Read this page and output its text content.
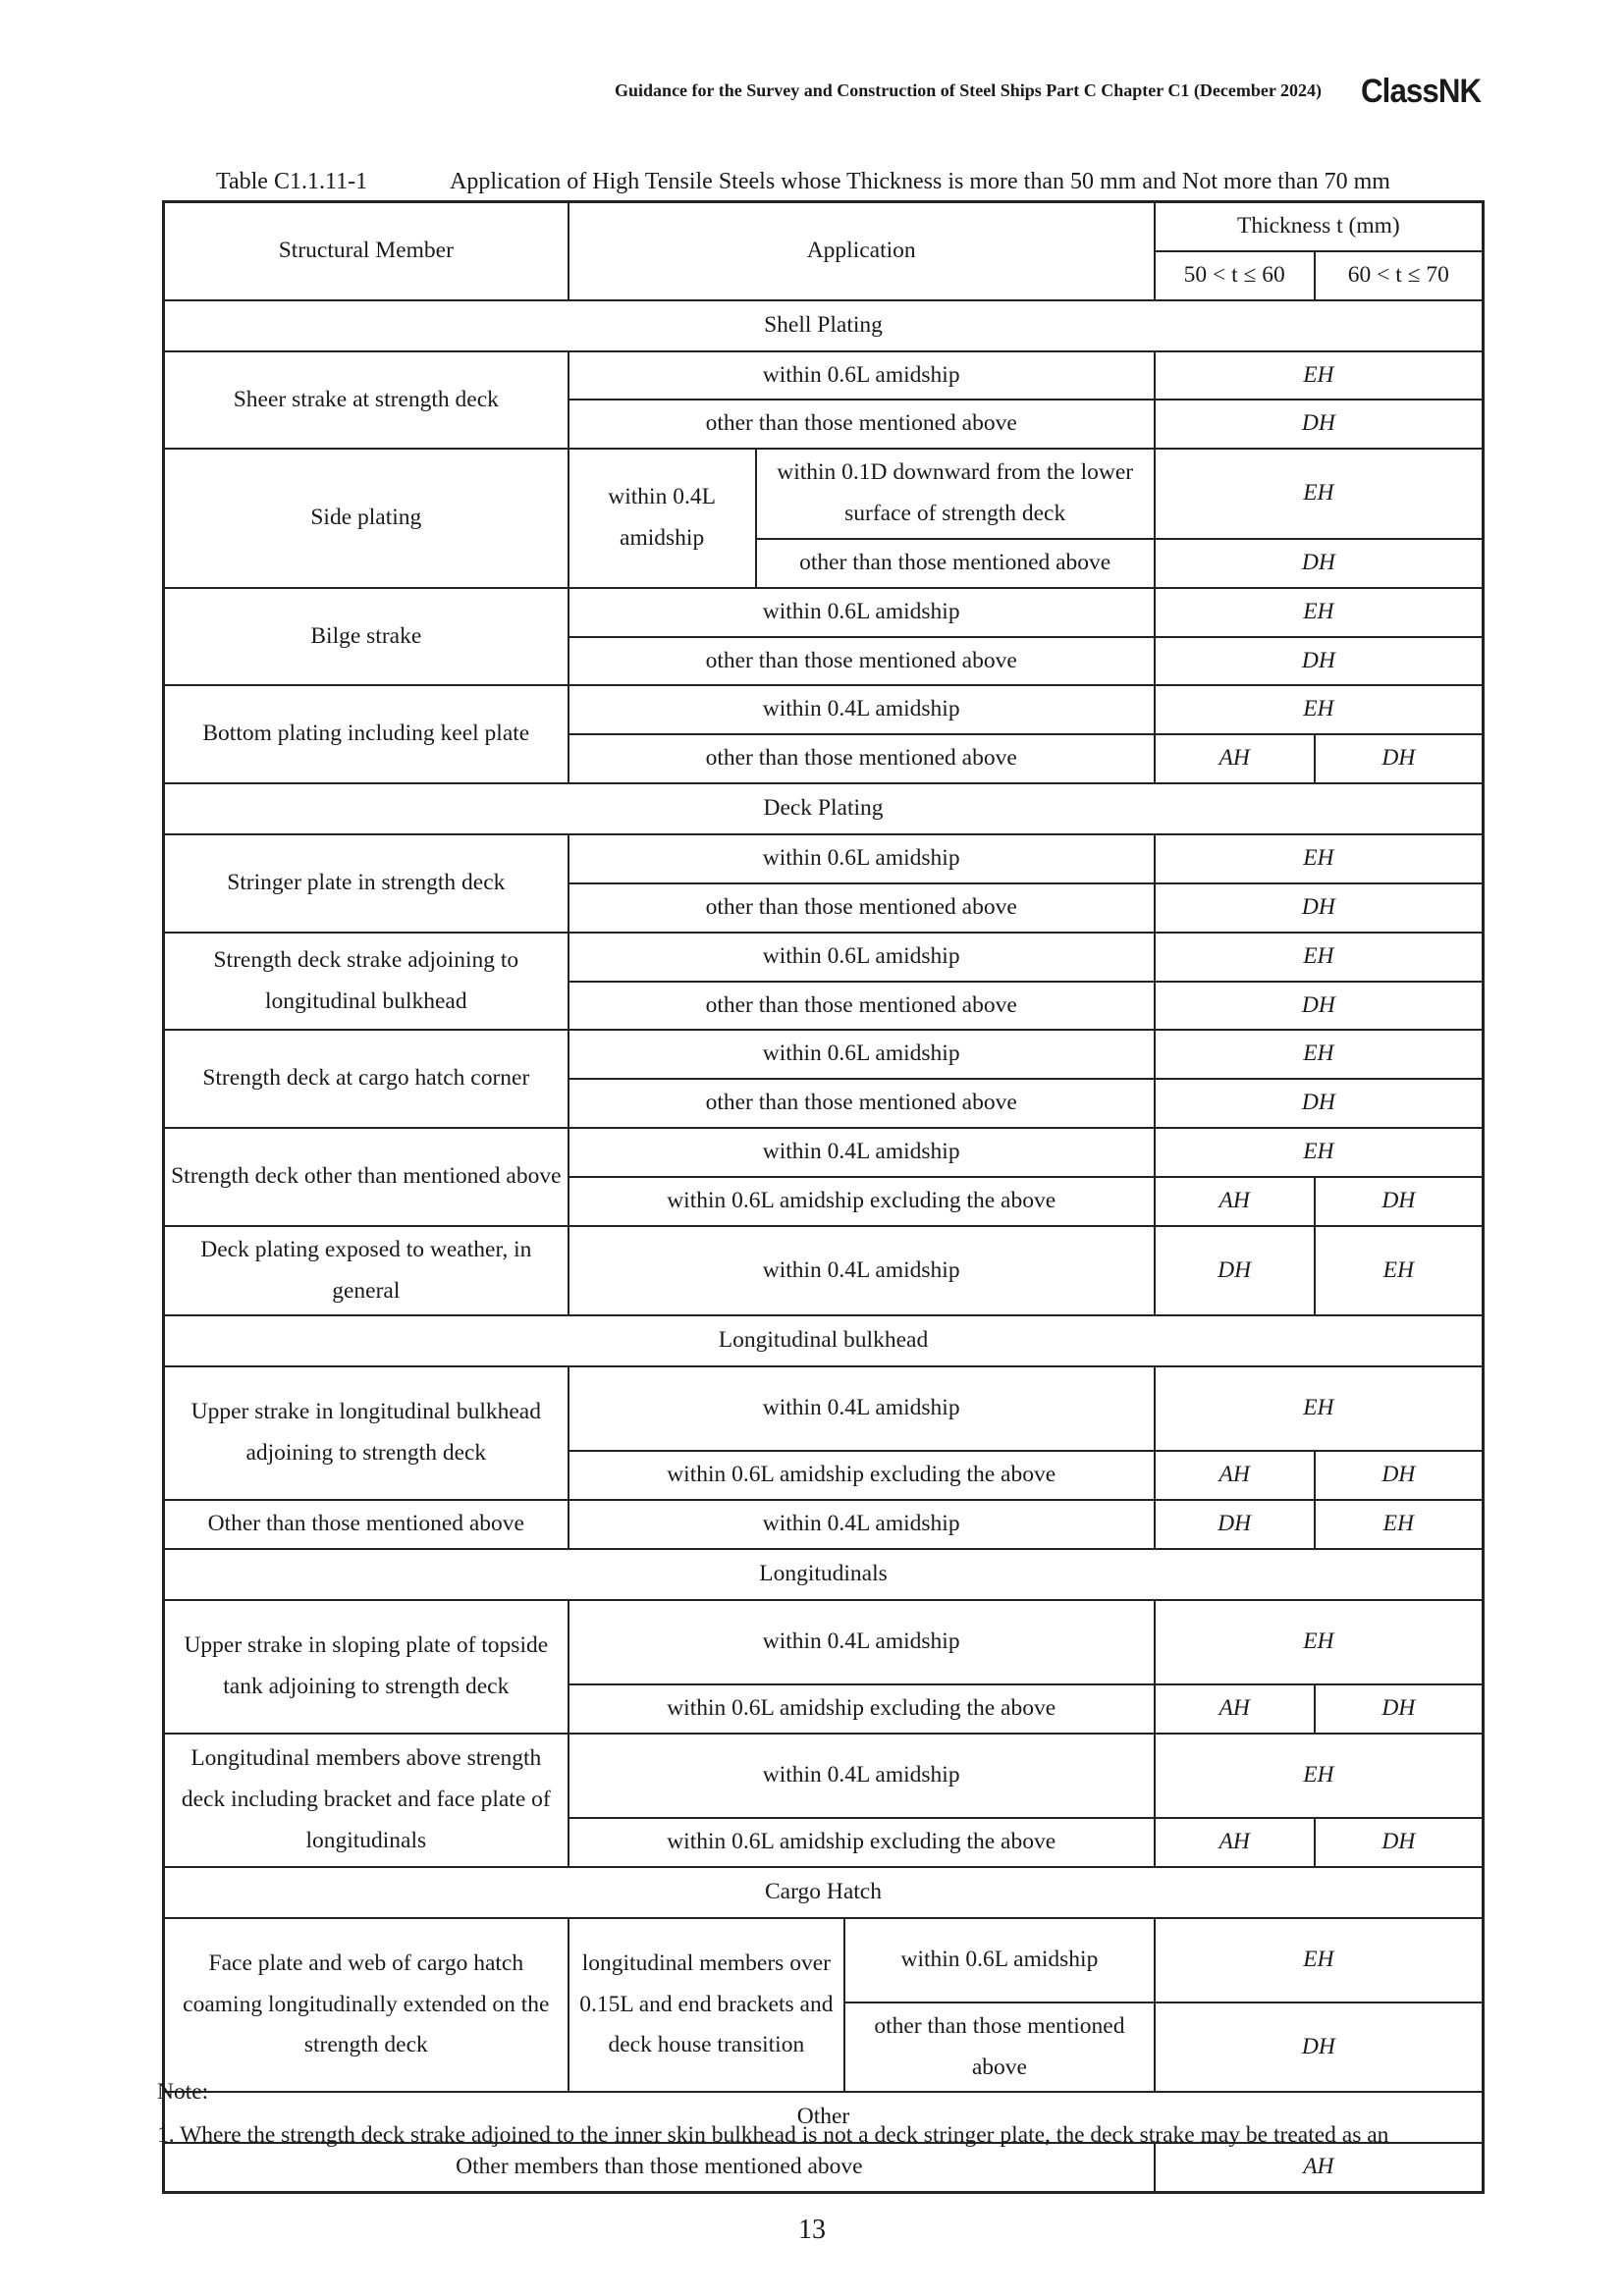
Guidance for the Survey and Construction of Steel Ships Part C Chapter C1 (December 2024) ClassNK
Table C1.1.11-1	Application of High Tensile Steels whose Thickness is more than 50 mm and Not more than 70 mm
Structural Member	Application			Thickness t (mm)	
				50 < t ≤ 60	60 < t ≤ 70
Shell Plating					
Sheer strake at strength deck	within 0.6L amidship			EH	
	other than those mentioned above			DH	
Side plating	within 0.4L amidship	within 0.1D downward from the lower surface of strength deck		EH	
		other than those mentioned above		DH	
Bilge strake	within 0.6L amidship			EH	
	other than those mentioned above			DH	
Bottom plating including keel plate	within 0.4L amidship			EH	
	other than those mentioned above			AH	DH
Deck Plating					
Stringer plate in strength deck	within 0.6L amidship			EH	
	other than those mentioned above			DH	
Strength deck strake adjoining to longitudinal bulkhead	within 0.6L amidship			EH	
	other than those mentioned above			DH	
Strength deck at cargo hatch corner	within 0.6L amidship			EH	
	other than those mentioned above			DH	
Strength deck other than mentioned above	within 0.4L amidship			EH	
	within 0.6L amidship excluding the above			AH	DH
Deck plating exposed to weather, in general	within 0.4L amidship			DH	EH
Longitudinal bulkhead					
Upper strake in longitudinal bulkhead adjoining to strength deck	within 0.4L amidship			EH	
	within 0.6L amidship excluding the above			AH	DH
Other than those mentioned above	within 0.4L amidship			DH	EH
Longitudinals					
Upper strake in sloping plate of topside tank adjoining to strength deck	within 0.4L amidship			EH	
	within 0.6L amidship excluding the above			AH	DH
Longitudinal members above strength deck including bracket and face plate of longitudinals	within 0.4L amidship			EH	
	within 0.6L amidship excluding the above			AH	DH
Cargo Hatch					
Face plate and web of cargo hatch coaming longitudinally extended on the strength deck	longitudinal members over 0.15L and end brackets and deck house transition		within 0.6L amidship	EH	
			other than those mentioned above	DH	
Other					
Other members than those mentioned above				AH	
Note:
1. Where the strength deck strake adjoined to the inner skin bulkhead is not a deck stringer plate, the deck strake may be treated as an
13
